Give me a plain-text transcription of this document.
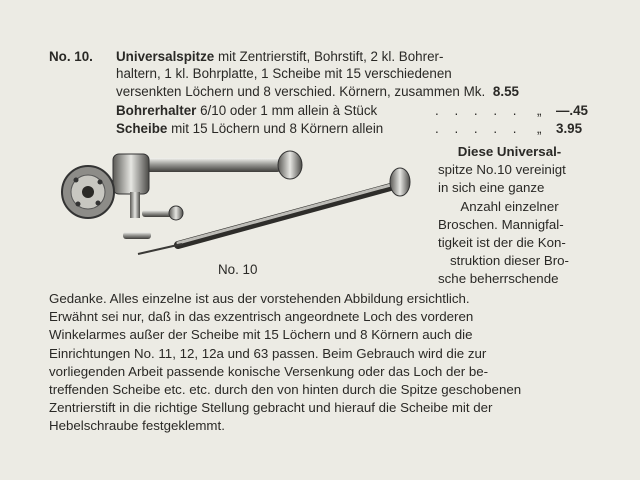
No. 10. Universalspitze mit Zentrierstift, Bohrstift, 2 kl. Bohrer-
haltern, 1 kl. Bohrplatte, 1 Scheibe mit 15 verschiedenen
versenkten Löchern und 8 verschied. Körnern, zusammen Mk. 8.55
Bohrerhalter 6/10 oder 1 mm allein à Stück	. . . . . „ —.45
Scheibe mit 15 Löchern und 8 Körnern allein	. . . . . „ 3.95
No. 10
Diese Universal-
spitze No.10 vereinigt
in sich eine ganze
Anzahl einzelner
Broschen. Mannigfal-
tigkeit ist der die Kon-
struktion dieser Bro-
sche beherrschende
Gedanke. Alles einzelne ist aus der vorstehenden Abbildung ersichtlich.
Erwähnt sei nur, daß in das exzentrisch angeordnete Loch des vorderen
Winkelarmes außer der Scheibe mit 15 Löchern und 8 Körnern auch die
Einrichtungen No. 11, 12, 12a und 63 passen. Beim Gebrauch wird die zur
vorliegenden Arbeit passende konische Versenkung oder das Loch der be-
treffenden Scheibe etc. etc. durch den von hinten durch die Spitze geschobenen
Zentrierstift in die richtige Stellung gebracht und hierauf die Scheibe mit der
Hebelschraube festgeklemmt.
